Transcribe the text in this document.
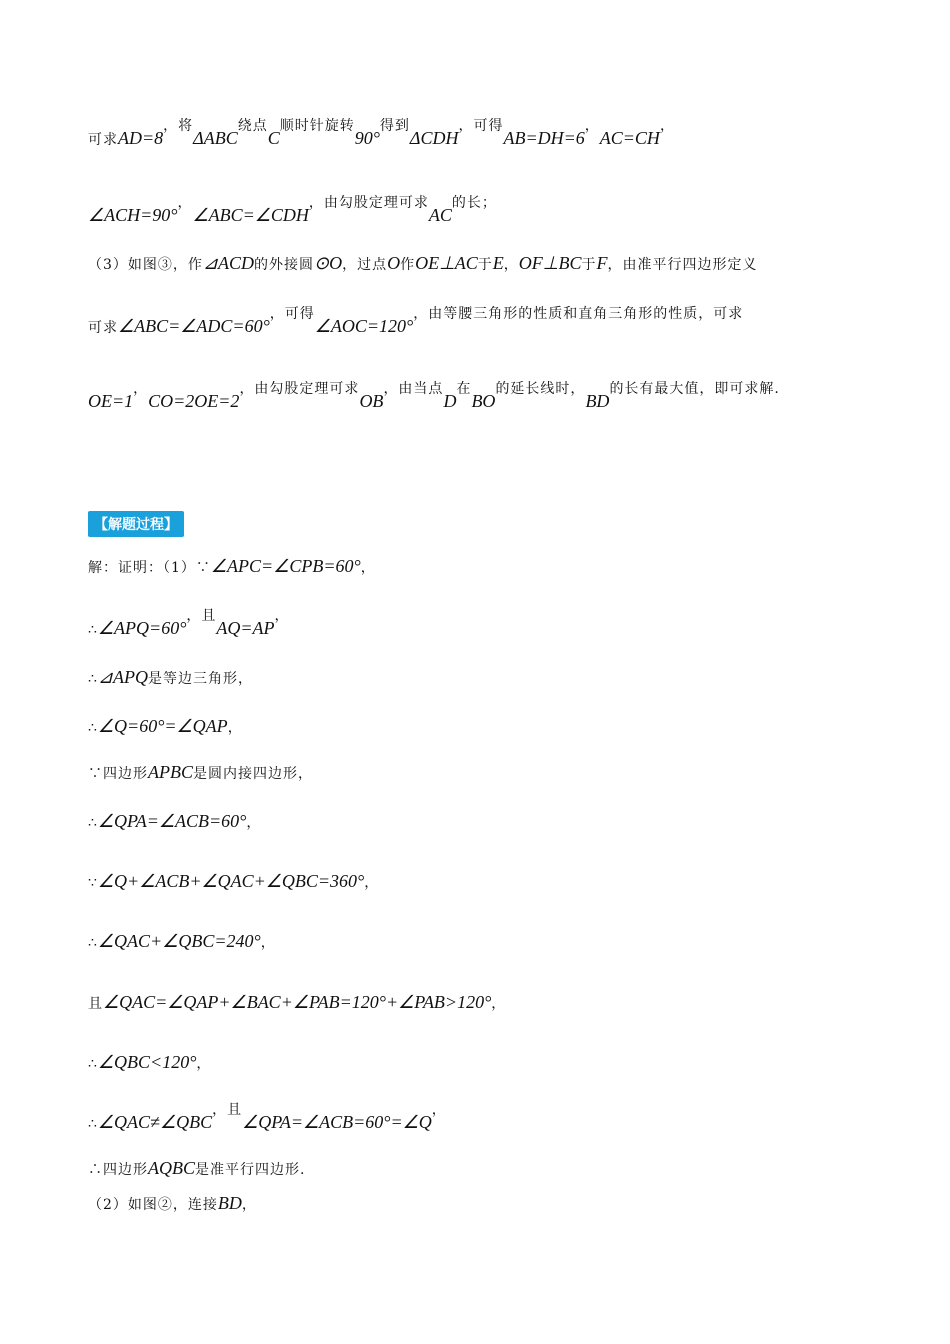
可求AD=8，将ΔABC绕点C顺时针旋转90°得到ΔCDH，可得AB=DH=6，AC=CH，
∠ACH=90°，∠ABC=∠CDH，由勾股定理可求AC的长；
（3）如图③，作⊿ACD的外接圆⊙O，过点O作OE⊥AC于E，OF⊥BC于F，由准平行四边形定义
可求∠ABC=∠ADC=60°，可得∠AOC=120°，由等腰三角形的性质和直角三角形的性质，可求
OE=1，CO=2OE=2，由勾股定理可求OB，由当点D在BO的延长线时，BD的长有最大值，即可求解.
【解题过程】
解：证明：（1）∵∠APC=∠CPB=60°，
∴∠APQ=60°，且AQ=AP，
∴⊿APQ是等边三角形，
∴∠Q=60°=∠QAP，
∵四边形APBC是圆内接四边形，
∴∠QPA=∠ACB=60°，
∵∠Q+∠ACB+∠QAC+∠QBC=360°，
∴∠QAC+∠QBC=240°，
且∠QAC=∠QAP+∠BAC+∠PAB=120°+∠PAB>120°，
∴∠QBC<120°，
∴∠QAC≠∠QBC，且∠QPA=∠ACB=60°=∠Q，
∴四边形AQBC是准平行四边形.
（2）如图②，连接BD，
